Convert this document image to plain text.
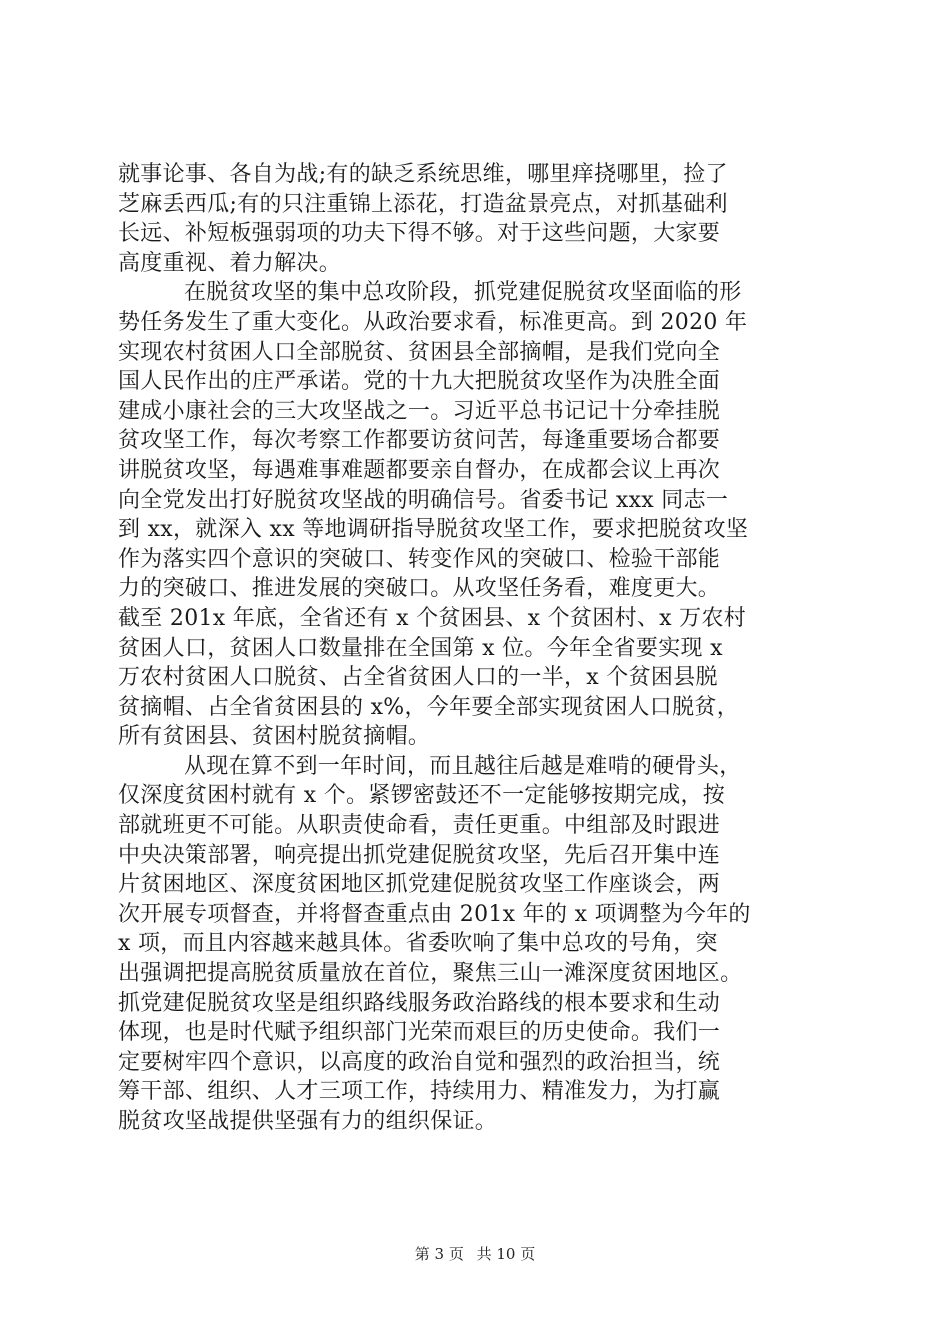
就事论事、各自为战;有的缺乏系统思维，哪里痒挠哪里，捡了
芝麻丢西瓜;有的只注重锦上添花，打造盆景亮点，对抓基础利
长远、补短板强弱项的功夫下得不够。对于这些问题，大家要
高度重视、着力解决。
在脱贫攻坚的集中总攻阶段，抓党建促脱贫攻坚面临的形
势任务发生了重大变化。从政治要求看，标准更高。到 2020 年
实现农村贫困人口全部脱贫、贫困县全部摘帽，是我们党向全
国人民作出的庄严承诺。党的十九大把脱贫攻坚作为决胜全面
建成小康社会的三大攻坚战之一。习近平总书记记十分牵挂脱
贫攻坚工作，每次考察工作都要访贫问苦，每逢重要场合都要
讲脱贫攻坚，每遇难事难题都要亲自督办，在成都会议上再次
向全党发出打好脱贫攻坚战的明确信号。省委书记 xxx 同志一
到 xx，就深入 xx 等地调研指导脱贫攻坚工作，要求把脱贫攻坚
作为落实四个意识的突破口、转变作风的突破口、检验干部能
力的突破口、推进发展的突破口。从攻坚任务看，难度更大。
截至 201x 年底，全省还有 x 个贫困县、x 个贫困村、x 万农村
贫困人口，贫困人口数量排在全国第 x 位。今年全省要实现 x
万农村贫困人口脱贫、占全省贫困人口的一半，x 个贫困县脱
贫摘帽、占全省贫困县的 x%，今年要全部实现贫困人口脱贫，
所有贫困县、贫困村脱贫摘帽。
从现在算不到一年时间，而且越往后越是难啃的硬骨头，
仅深度贫困村就有 x 个。紧锣密鼓还不一定能够按期完成，按
部就班更不可能。从职责使命看，责任更重。中组部及时跟进
中央决策部署，响亮提出抓党建促脱贫攻坚，先后召开集中连
片贫困地区、深度贫困地区抓党建促脱贫攻坚工作座谈会，两
次开展专项督查，并将督查重点由 201x 年的 x 项调整为今年的
x 项，而且内容越来越具体。省委吹响了集中总攻的号角，突
出强调把提高脱贫质量放在首位，聚焦三山一滩深度贫困地区。
抓党建促脱贫攻坚是组织路线服务政治路线的根本要求和生动
体现，也是时代赋予组织部门光荣而艰巨的历史使命。我们一
定要树牢四个意识，以高度的政治自觉和强烈的政治担当，统
筹干部、组织、人才三项工作，持续用力、精准发力，为打赢
脱贫攻坚战提供坚强有力的组织保证。
第 3 页 共 10 页
